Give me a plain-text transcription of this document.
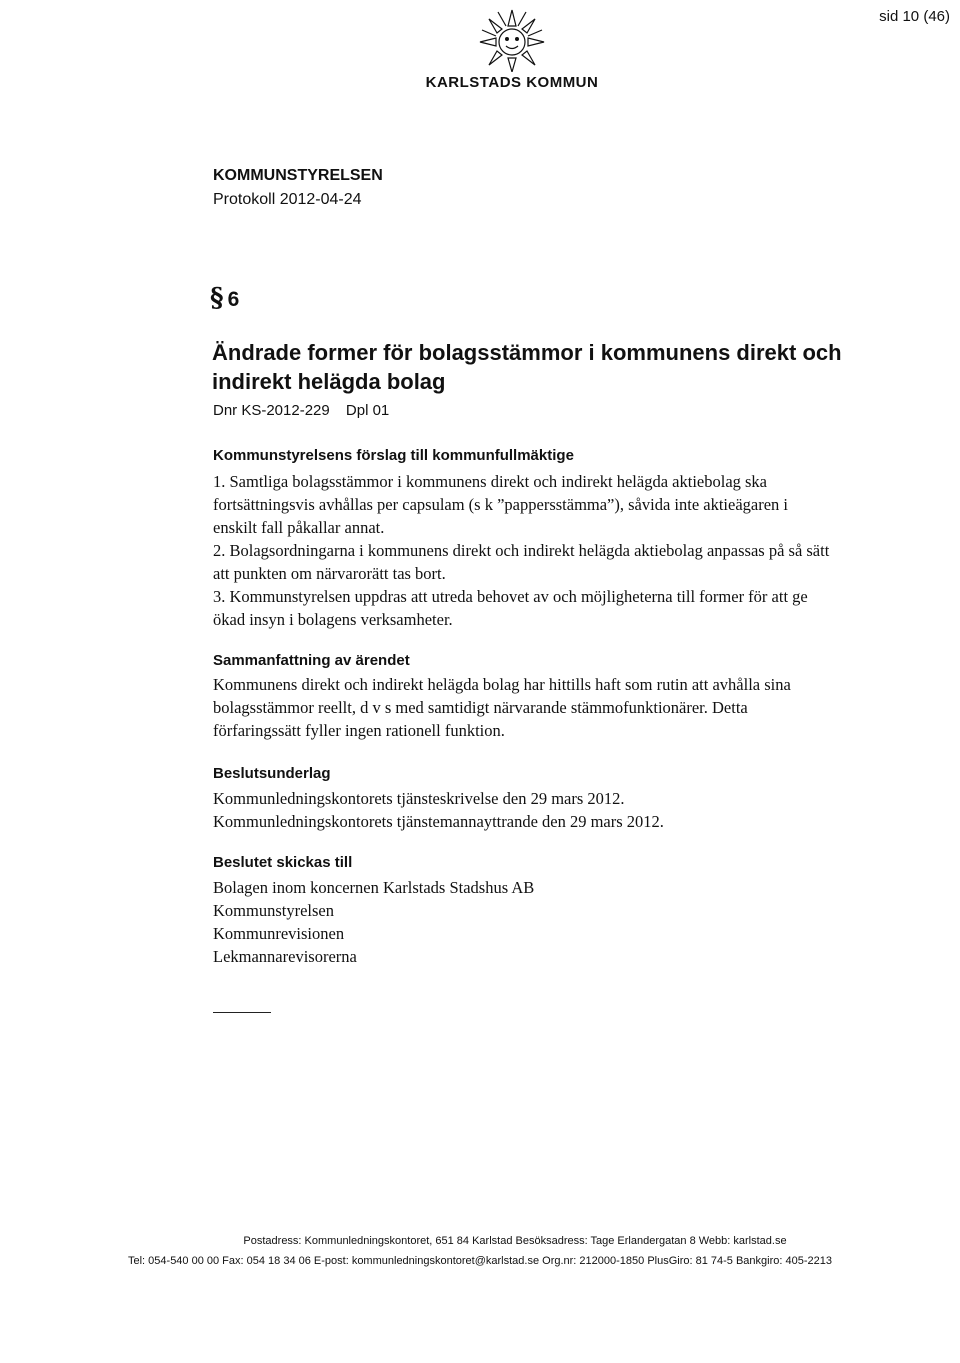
sid 10 (46)
KARLSTADS KOMMUN

KOMMUNSTYRELSEN

Protokoll 2012-04-24

§ 6
Ändrade former för bolagsstämmor i kommunens direkt och indirekt helägda bolag

Dnr KS-2012-229 Dpl 01

Kommunstyrelsens förslag till kommunfullmäktige

1. Samtliga bolagsstämmor i kommunens direkt och indirekt helägda aktiebolag ska fortsättningsvis avhållas per capsulam (s k ”pappersstämma”), såvida inte aktieägaren i enskilt fall påkallar annat.

2. Bolagsordningarna i kommunens direkt och indirekt helägda aktiebolag anpassas på så sätt att punkten om närvarorätt tas bort.

3. Kommunstyrelsen uppdras att utreda behovet av och möjligheterna till former för att ge ökad insyn i bolagens verksamheter.

Sammanfattning av ärendet

Kommunens direkt och indirekt helägda bolag har hittills haft som rutin att avhålla sina bolagsstämmor reellt, d v s med samtidigt närvarande stämmofunktionärer. Detta förfaringssätt fyller ingen rationell funktion.

Beslutsunderlag

Kommunledningskontorets tjänsteskrivelse den 29 mars 2012.

Kommunledningskontorets tjänstemannayttrande den 29 mars 2012.

Beslutet skickas till

Bolagen inom koncernen Karlstads Stadshus AB

Kommunstyrelsen

Kommunrevisionen

Lekmannarevisorerna

Postadress: Kommunledningskontoret, 651 84 Karlstad Besöksadress: Tage Erlandergatan 8 Webb: karlstad.se

Tel: 054-540 00 00 Fax: 054 18 34 06 E-post: kommunledningskontoret@karlstad.se Org.nr: 212000-1850 PlusGiro: 81 74-5 Bankgiro: 405-2213
